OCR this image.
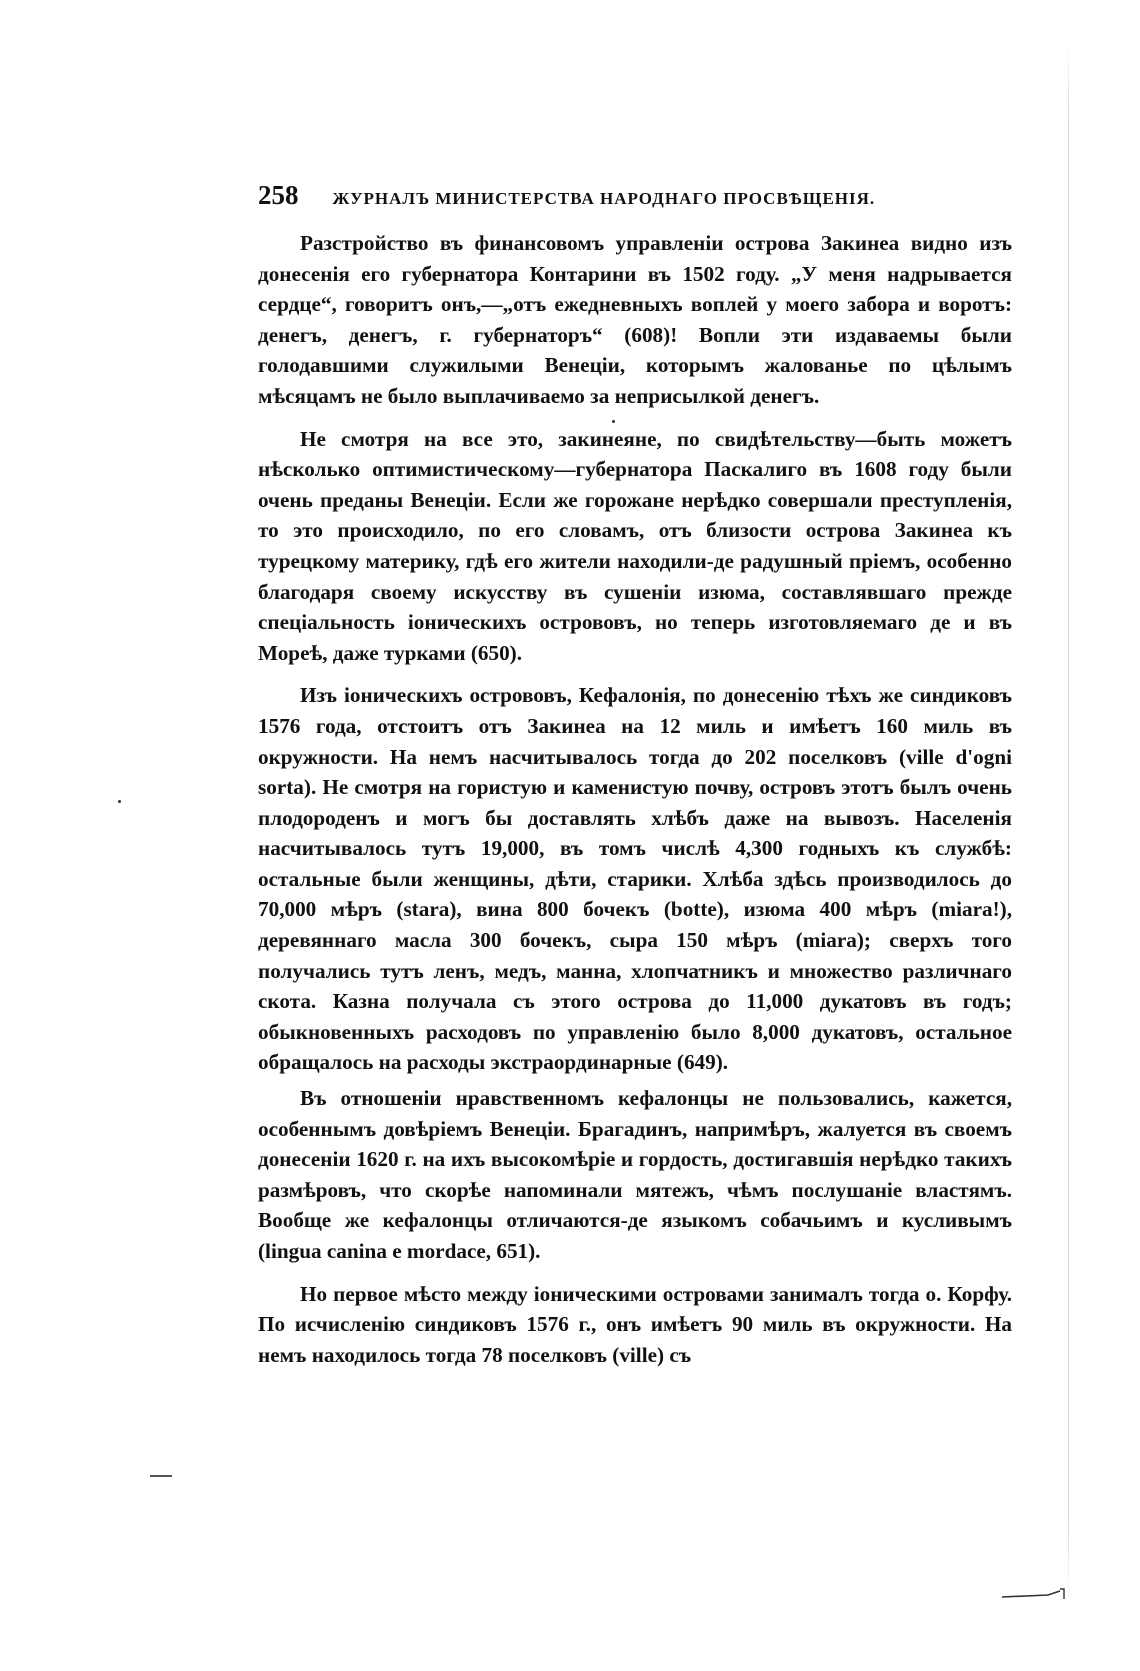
258 ЖУРНАЛЪ МИНИСТЕРСТВА НАРОДНАГО ПРОСВѢЩЕНІЯ.

Разстройство въ финансовомъ управленіи острова Закинеа видно изъ донесенія его губернатора Контарини въ 1502 году. „У меня надрывается сердце“, говоритъ онъ,—„отъ ежедневныхъ воплей у моего забора и воротъ: денегъ, денегъ, г. губернаторъ“ (608)! Вопли эти издаваемы были голодавшими служилыми Венеціи, которымъ жалованье по цѣлымъ мѣсяцамъ не было выплачиваемо за неприсылкой денегъ.

Не смотря на все это, закинеяне, по свидѣтельству—быть можетъ нѣсколько оптимистическому—губернатора Паскалиго въ 1608 году были очень преданы Венеціи. Если же горожане нерѣдко совершали преступленія, то это происходило, по его словамъ, отъ близости острова Закинеа къ турецкому материку, гдѣ его жители находили-де радушный пріемъ, особенно благодаря своему искусству въ сушеніи изюма, составлявшаго прежде спеціальность іоническихъ острововъ, но теперь изготовляемаго де и въ Мореѣ, даже турками (650).

Изъ іоническихъ острововъ, Кефалонія, по донесенію тѣхъ же синдиковъ 1576 года, отстоитъ отъ Закинеа на 12 миль и имѣетъ 160 миль въ окружности. На немъ насчитывалось тогда до 202 поселковъ (ville d'ogni sorta). Не смотря на гористую и каменистую почву, островъ этотъ былъ очень плодороденъ и могъ бы доставлять хлѣбъ даже на вывозъ. Населенія насчитывалось тутъ 19,000, въ томъ числѣ 4,300 годныхъ къ службѣ: остальные были женщины, дѣти, старики. Хлѣба здѣсь производилось до 70,000 мѣръ (stara), вина 800 бочекъ (botte), изюма 400 мѣръ (miara!), деревяннаго масла 300 бочекъ, сыра 150 мѣръ (miara); сверхъ того получались тутъ ленъ, медъ, манна, хлопчатникъ и множество различнаго скота. Казна получала съ этого острова до 11,000 дукатовъ въ годъ; обыкновенныхъ расходовъ по управленію было 8,000 дукатовъ, остальное обращалось на расходы экстраординарные (649).

Въ отношеніи нравственномъ кефалонцы не пользовались, кажется, особеннымъ довѣріемъ Венеціи. Брагадинъ, напримѣръ, жалуется въ своемъ донесеніи 1620 г. на ихъ высокомѣріе и гордость, достигавшія нерѣдко такихъ размѣровъ, что скорѣе напоминали мятежъ, чѣмъ послушаніе властямъ. Вообще же кефалонцы отличаются-де языкомъ собачьимъ и кусливымъ (lingua canina e mordace, 651).

Но первое мѣсто между іоническими островами занималъ тогда о. Корфу. По исчисленію синдиковъ 1576 г., онъ имѣетъ 90 миль въ окружности. На немъ находилось тогда 78 поселковъ (ville) съ
